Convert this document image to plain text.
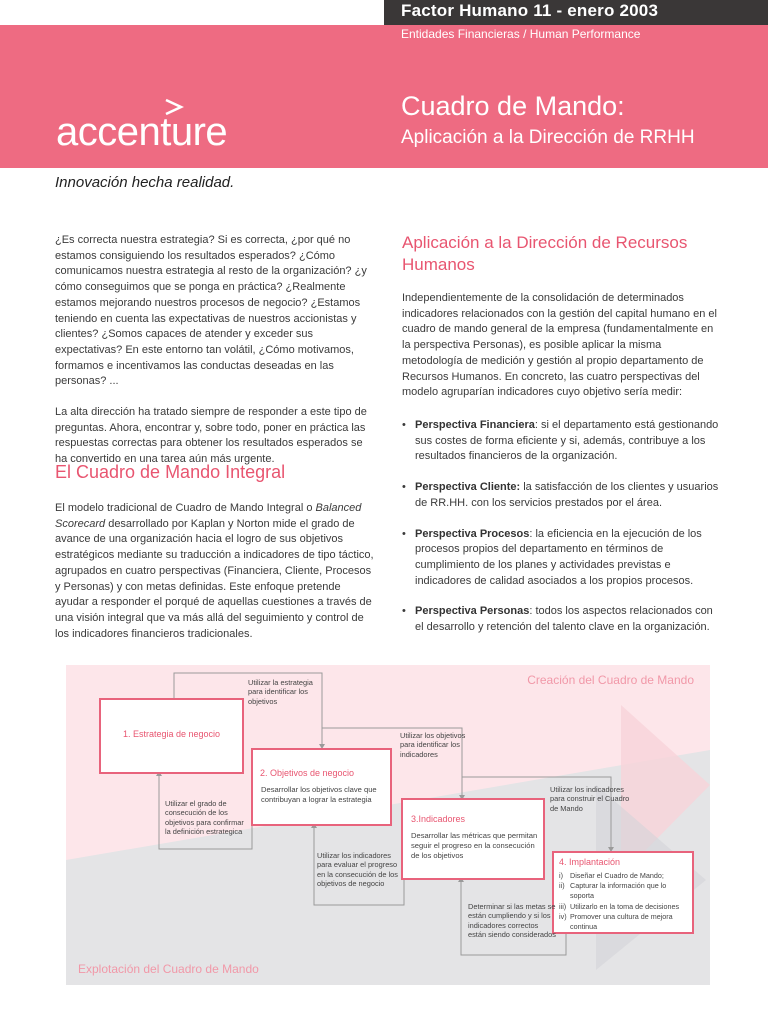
Factor Humano 11 - enero 2003
Entidades Financieras / Human Performance
accenture
Cuadro de Mando:
Aplicación a la Dirección de RRHH
Innovación hecha realidad.

¿Es correcta nuestra estrategia? Si es correcta, ¿por qué no estamos consiguiendo los resultados esperados? ¿Cómo comunicamos nuestra estrategia al resto de la organización? ¿y cómo conseguimos que se ponga en práctica? ¿Realmente estamos mejorando nuestros procesos de negocio? ¿Estamos teniendo en cuenta las expectativas de nuestros accionistas y clientes? ¿Somos capaces de atender y exceder sus expectativas? En este entorno tan volátil, ¿Cómo motivamos, formamos e incentivamos las conductas deseadas en las personas? ...

La alta dirección ha tratado siempre de responder a este tipo de preguntas. Ahora, encontrar y, sobre todo, poner en práctica las respuestas correctas para obtener los resultados esperados se ha convertido en una tarea aún más urgente.

El Cuadro de Mando Integral

El modelo tradicional de Cuadro de Mando Integral o Balanced Scorecard desarrollado por Kaplan y Norton mide el grado de avance de una organización hacia el logro de sus objetivos estratégicos mediante su traducción a indicadores de tipo táctico, agrupados en cuatro perspectivas (Financiera, Cliente, Procesos y Personas) y con metas definidas. Este enfoque pretende ayudar a responder el porqué de aquellas cuestiones a través de una visión integral que va más allá del seguimiento y control de los indicadores financieros tradicionales.

Aplicación a la Dirección de Recursos Humanos

Independientemente de la consolidación de determinados indicadores relacionados con la gestión del capital humano en el cuadro de mando general de la empresa (fundamentalmente en la perspectiva Personas), es posible aplicar la misma metodología de medición y gestión al propio departamento de Recursos Humanos. En concreto, las cuatro perspectivas del modelo agruparían indicadores cuyo objetivo sería medir:

• Perspectiva Financiera: si el departamento está gestionando sus costes de forma eficiente y si, además, contribuye a los resultados financieros de la organización.

• Perspectiva Cliente: la satisfacción de los clientes y usuarios de RR.HH. con los servicios prestados por el área.

• Perspectiva Procesos: la eficiencia en la ejecución de los procesos propios del departamento en términos de cumplimiento de los planes y actividades previstas e indicadores de calidad asociados a los propios procesos.

• Perspectiva Personas: todos los aspectos relacionados con el desarrollo y retención del talento clave en la organización.

Creación del Cuadro de Mando
Explotación del Cuadro de Mando
1. Estrategia de negocio
2. Objetivos de negocio
Desarrollar los objetivos clave que contribuyan a lograr la estrategia
3.Indicadores
Desarrollar las métricas que permitan seguir el progreso en la consecución de los objetivos
4. Implantación
i) Diseñar el Cuadro de Mando;
ii) Capturar la información que lo soporta
iii) Utilizarlo en la toma de decisiones
iv) Promover una cultura de mejora continua
Utilizar la estrategia para identificar los objetivos
Utilizar los objetivos para identificar los indicadores
Utilizar los indicadores para construir el Cuadro de Mando
Utilizar el grado de consecución de los objetivos para confirmar la definición estrategica
Utilizar los indicadores para evaluar el progreso en la consecución de los objetivos de negocio
Determinar si las metas se están cumpliendo y si los indicadores correctos están siendo considerados
